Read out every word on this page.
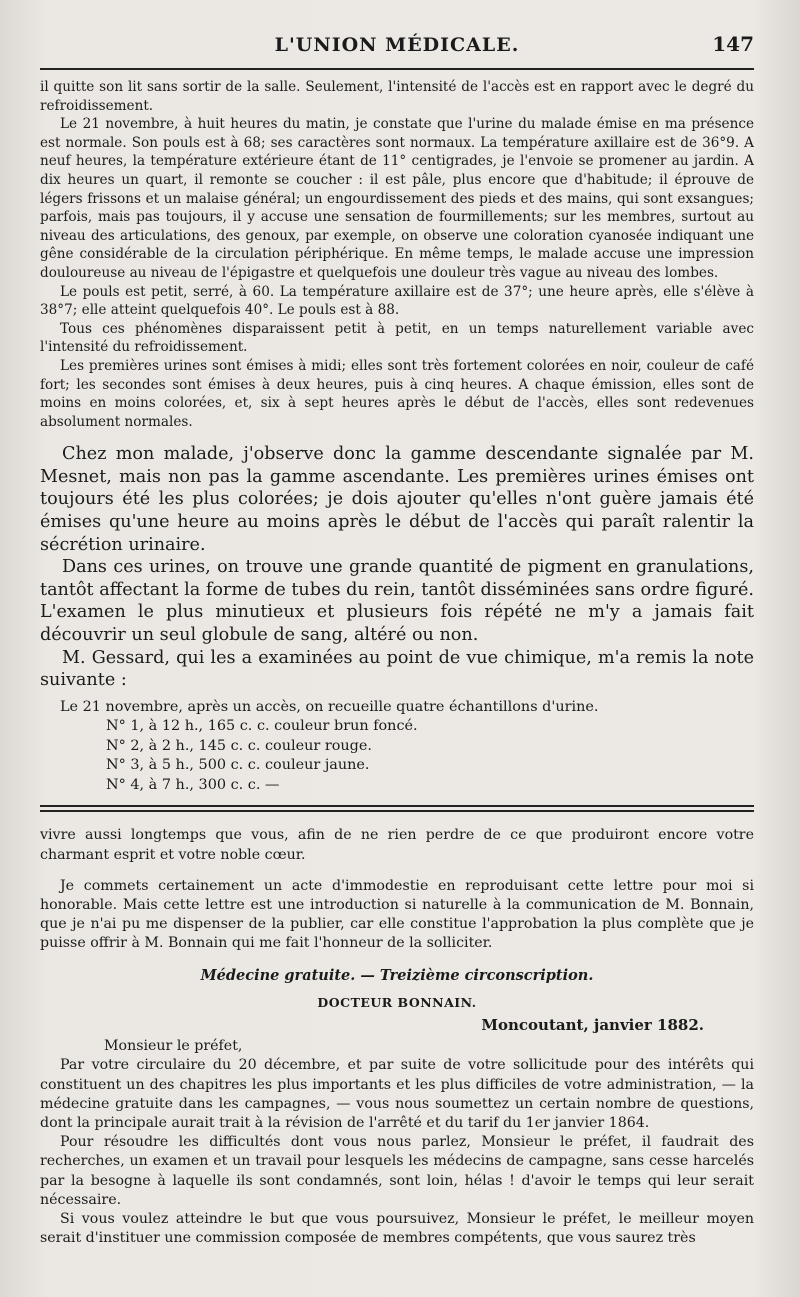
L'UNION MÉDICALE.	147

il quitte son lit sans sortir de la salle. Seulement, l'intensité de l'accès est en rapport avec le degré du refroidissement.

Le 21 novembre, à huit heures du matin, je constate que l'urine du malade émise en ma présence est normale. Son pouls est à 68; ses caractères sont normaux. La température axillaire est de 36°9. A neuf heures, la température extérieure étant de 11° centigrades, je l'envoie se promener au jardin. A dix heures un quart, il remonte se coucher : il est pâle, plus encore que d'habitude; il éprouve de légers frissons et un malaise général; un engourdissement des pieds et des mains, qui sont exsangues; parfois, mais pas toujours, il y accuse une sensation de fourmillements; sur les membres, surtout au niveau des articulations, des genoux, par exemple, on observe une coloration cyanosée indiquant une gêne considérable de la circulation périphérique. En même temps, le malade accuse une impression douloureuse au niveau de l'épigastre et quelquefois une douleur très vague au niveau des lombes.

Le pouls est petit, serré, à 60. La température axillaire est de 37°; une heure après, elle s'élève à 38°7; elle atteint quelquefois 40°. Le pouls est à 88.

Tous ces phénomènes disparaissent petit à petit, en un temps naturellement variable avec l'intensité du refroidissement.

Les premières urines sont émises à midi; elles sont très fortement colorées en noir, couleur de café fort; les secondes sont émises à deux heures, puis à cinq heures. A chaque émission, elles sont de moins en moins colorées, et, six à sept heures après le début de l'accès, elles sont redevenues absolument normales.

Chez mon malade, j'observe donc la gamme descendante signalée par M. Mesnet, mais non pas la gamme ascendante. Les premières urines émises ont toujours été les plus colorées; je dois ajouter qu'elles n'ont guère jamais été émises qu'une heure au moins après le début de l'accès qui paraît ralentir la sécrétion urinaire.

Dans ces urines, on trouve une grande quantité de pigment en granulations, tantôt affectant la forme de tubes du rein, tantôt disséminées sans ordre figuré. L'examen le plus minutieux et plusieurs fois répété ne m'y a jamais fait découvrir un seul globule de sang, altéré ou non.

M. Gessard, qui les a examinées au point de vue chimique, m'a remis la note suivante :

Le 21 novembre, après un accès, on recueille quatre échantillons d'urine.

N° 1, à 12 h., 165 c. c. couleur brun foncé.
N° 2, à 2 h., 145 c. c. couleur rouge.
N° 3, à 5 h., 500 c. c. couleur jaune.
N° 4, à 7 h., 300 c. c. —

vivre aussi longtemps que vous, afin de ne rien perdre de ce que produiront encore votre charmant esprit et votre noble cœur.

Je commets certainement un acte d'immodestie en reproduisant cette lettre pour moi si honorable. Mais cette lettre est une introduction si naturelle à la communication de M. Bonnain, que je n'ai pu me dispenser de la publier, car elle constitue l'approbation la plus complète que je puisse offrir à M. Bonnain qui me fait l'honneur de la solliciter.

Médecine gratuite. — Treizième circonscription.
DOCTEUR BONNAIN.
Moncoutant, janvier 1882.

Monsieur le préfet,

Par votre circulaire du 20 décembre, et par suite de votre sollicitude pour des intérêts qui constituent un des chapitres les plus importants et les plus difficiles de votre administration, — la médecine gratuite dans les campagnes, — vous nous soumettez un certain nombre de questions, dont la principale aurait trait à la révision de l'arrêté et du tarif du 1er janvier 1864.

Pour résoudre les difficultés dont vous nous parlez, Monsieur le préfet, il faudrait des recherches, un examen et un travail pour lesquels les médecins de campagne, sans cesse harcelés par la besogne à laquelle ils sont condamnés, sont loin, hélas ! d'avoir le temps qui leur serait nécessaire.

Si vous voulez atteindre le but que vous poursuivez, Monsieur le préfet, le meilleur moyen serait d'instituer une commission composée de membres compétents, que vous saurez très
